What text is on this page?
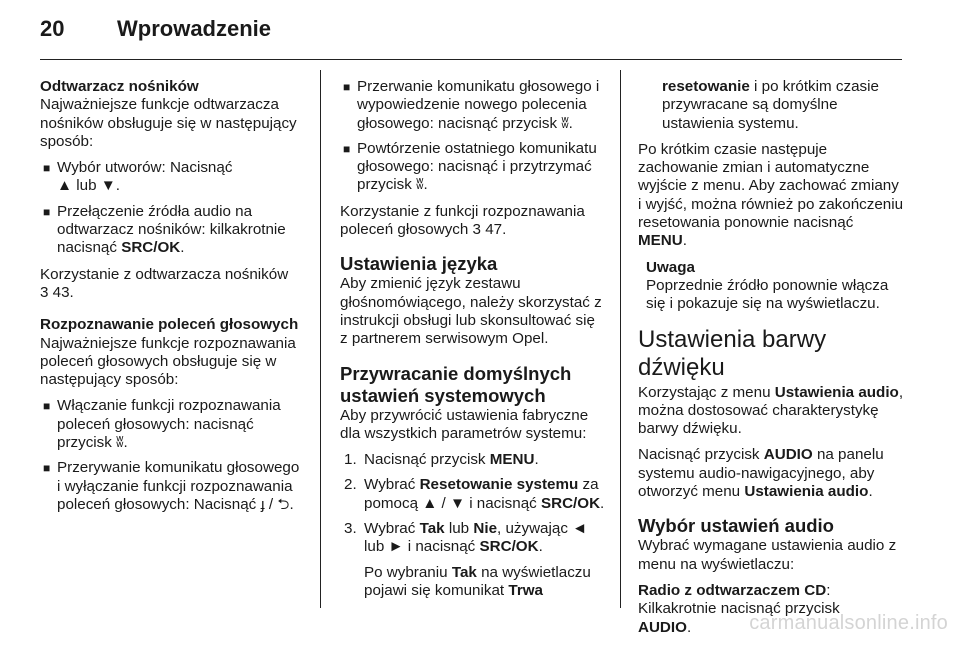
20 Wprowadzenie
Odtwarzacz nośników

Najważniejsze funkcje odtwarzacza nośników obsługuje się w następujący sposób:

■ Wybór utworów: Nacisnąć
▲ lub ▼.
■ Przełączenie źródła audio na odtwarzacz nośników: kilkakrotnie nacisnąć SRC/OK.

Korzystanie z odtwarzacza nośników
3 43.

Rozpoznawanie poleceń głosowych

Najważniejsze funkcje rozpoznawania poleceń głosowych obsługuje się w następujący sposób:

■ Włączanie funkcji rozpoznawania poleceń głosowych: nacisnąć przycisk ʬ.
■ Przerywanie komunikatu głosowego i wyłączanie funkcji rozpoznawania poleceń głosowych: Nacisnąć ɟ / ⮌.
■ Przerwanie komunikatu głosowego i wypowiedzenie nowego polecenia głosowego: nacisnąć przycisk ʬ.
■ Powtórzenie ostatniego komunikatu głosowego: nacisnąć i przytrzymać przycisk ʬ.

Korzystanie z funkcji rozpoznawania poleceń głosowych 3 47.

Ustawienia języka

Aby zmienić język zestawu głośnomówiącego, należy skorzystać z instrukcji obsługi lub skonsultować się z partnerem serwisowym Opel.

Przywracanie domyślnych ustawień systemowych

Aby przywrócić ustawienia fabryczne dla wszystkich parametrów systemu:

1. Nacisnąć przycisk MENU.
2. Wybrać Resetowanie systemu za pomocą ▲ / ▼ i nacisnąć SRC/OK.
3. Wybrać Tak lub Nie, używając ◄ lub ► i nacisnąć SRC/OK.
Po wybraniu Tak na wyświetlaczu pojawi się komunikat Trwa

resetowanie i po krótkim czasie przywracane są domyślne ustawienia systemu.

Po krótkim czasie następuje zachowanie zmian i automatyczne wyjście z menu. Aby zachować zmiany i wyjść, można również po zakończeniu resetowania ponownie nacisnąć MENU.

Uwaga

Poprzednie źródło ponownie włącza się i pokazuje się na wyświetlaczu.

Ustawienia barwy dźwięku

Korzystając z menu Ustawienia audio, można dostosować charakterystykę barwy dźwięku.

Nacisnąć przycisk AUDIO na panelu systemu audio-nawigacyjnego, aby otworzyć menu Ustawienia audio.

Wybór ustawień audio

Wybrać wymagane ustawienia audio z menu na wyświetlaczu:

Radio z odtwarzaczem CD:
Kilkakrotnie nacisnąć przycisk
AUDIO.	carmanualsonline.info
